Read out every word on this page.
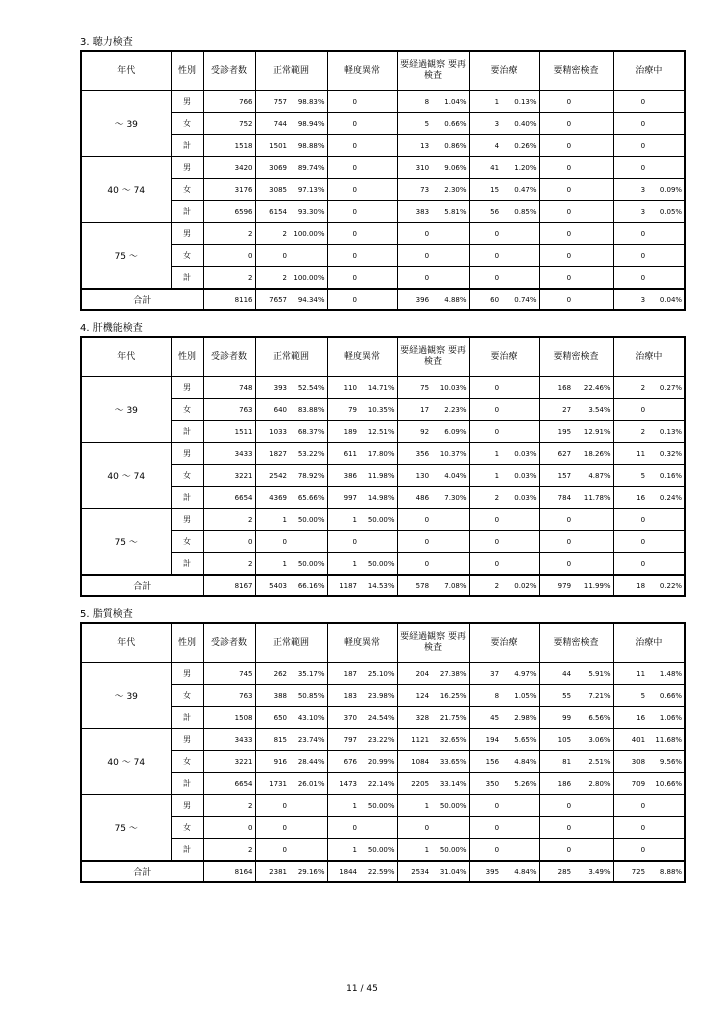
3. 聴力検査
年代	性別	受診者数	正常範囲		軽度異常		要経過観察 要再検査		要治療		要精密検査		治療中	
～ 39	男	766	757	98.83%	0		8	1.04%	1	0.13%	0		0	
	女	752	744	98.94%	0		5	0.66%	3	0.40%	0		0	
	計	1518	1501	98.88%	0		13	0.86%	4	0.26%	0		0	
40 ～ 74	男	3420	3069	89.74%	0		310	9.06%	41	1.20%	0		0	
	女	3176	3085	97.13%	0		73	2.30%	15	0.47%	0		3	0.09%
	計	6596	6154	93.30%	0		383	5.81%	56	0.85%	0		3	0.05%
75 ～	男	2	2	100.00%	0		0		0		0		0	
	女	0	0		0		0		0		0		0	
	計	2	2	100.00%	0		0		0		0		0	
合計		8116	7657	94.34%	0		396	4.88%	60	0.74%	0		3	0.04%
4. 肝機能検査
年代	性別	受診者数	正常範囲		軽度異常		要経過観察 要再検査		要治療		要精密検査		治療中	
～ 39	男	748	393	52.54%	110	14.71%	75	10.03%	0		168	22.46%	2	0.27%
	女	763	640	83.88%	79	10.35%	17	2.23%	0		27	3.54%	0	
	計	1511	1033	68.37%	189	12.51%	92	6.09%	0		195	12.91%	2	0.13%
40 ～ 74	男	3433	1827	53.22%	611	17.80%	356	10.37%	1	0.03%	627	18.26%	11	0.32%
	女	3221	2542	78.92%	386	11.98%	130	4.04%	1	0.03%	157	4.87%	5	0.16%
	計	6654	4369	65.66%	997	14.98%	486	7.30%	2	0.03%	784	11.78%	16	0.24%
75 ～	男	2	1	50.00%	1	50.00%	0		0		0		0	
	女	0	0		0		0		0		0		0	
	計	2	1	50.00%	1	50.00%	0		0		0		0	
合計		8167	5403	66.16%	1187	14.53%	578	7.08%	2	0.02%	979	11.99%	18	0.22%
5. 脂質検査
年代	性別	受診者数	正常範囲		軽度異常		要経過観察 要再検査		要治療		要精密検査		治療中	
～ 39	男	745	262	35.17%	187	25.10%	204	27.38%	37	4.97%	44	5.91%	11	1.48%
	女	763	388	50.85%	183	23.98%	124	16.25%	8	1.05%	55	7.21%	5	0.66%
	計	1508	650	43.10%	370	24.54%	328	21.75%	45	2.98%	99	6.56%	16	1.06%
40 ～ 74	男	3433	815	23.74%	797	23.22%	1121	32.65%	194	5.65%	105	3.06%	401	11.68%
	女	3221	916	28.44%	676	20.99%	1084	33.65%	156	4.84%	81	2.51%	308	9.56%
	計	6654	1731	26.01%	1473	22.14%	2205	33.14%	350	5.26%	186	2.80%	709	10.66%
75 ～	男	2	0		1	50.00%	1	50.00%	0		0		0	
	女	0	0		0		0		0		0		0	
	計	2	0		1	50.00%	1	50.00%	0		0		0	
合計		8164	2381	29.16%	1844	22.59%	2534	31.04%	395	4.84%	285	3.49%	725	8.88%
11 / 45
